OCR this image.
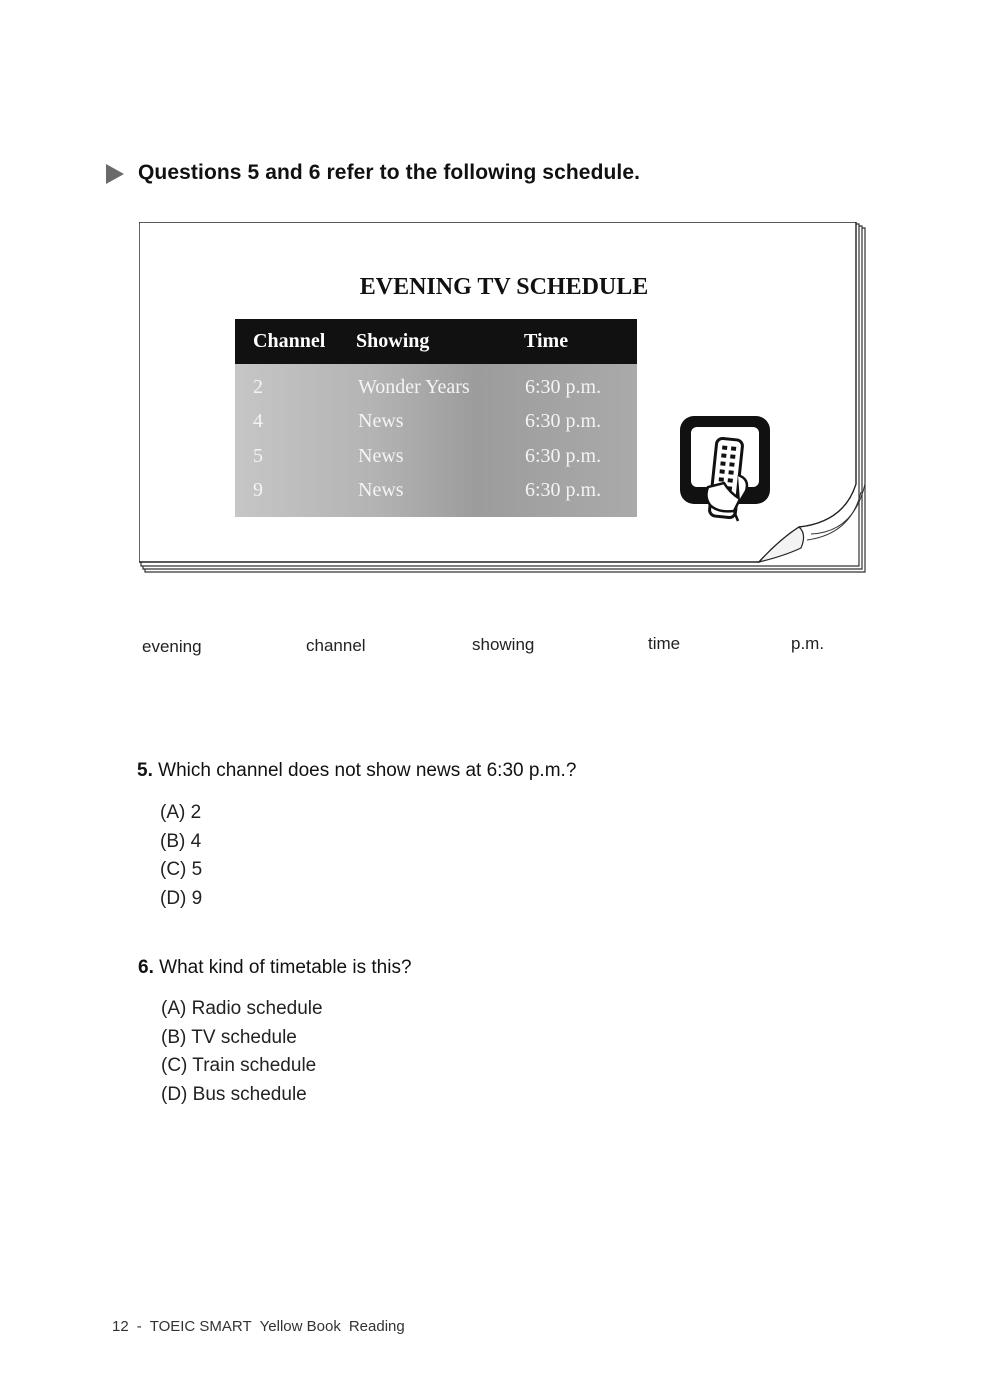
Questions 5 and 6 refer to the following schedule.
EVENING TV SCHEDULE
Channel	Showing	Time
2	Wonder Years	6:30 p.m.
4	News	6:30 p.m.
5	News	6:30 p.m.
9	News	6:30 p.m.
evening	channel	showing	time	p.m.
5. Which channel does not show news at 6:30 p.m.?
(A) 2
(B) 4
(C) 5
(D) 9
6. What kind of timetable is this?
(A) Radio schedule
(B) TV schedule
(C) Train schedule
(D) Bus schedule
12 - TOEIC SMART Yellow Book Reading
